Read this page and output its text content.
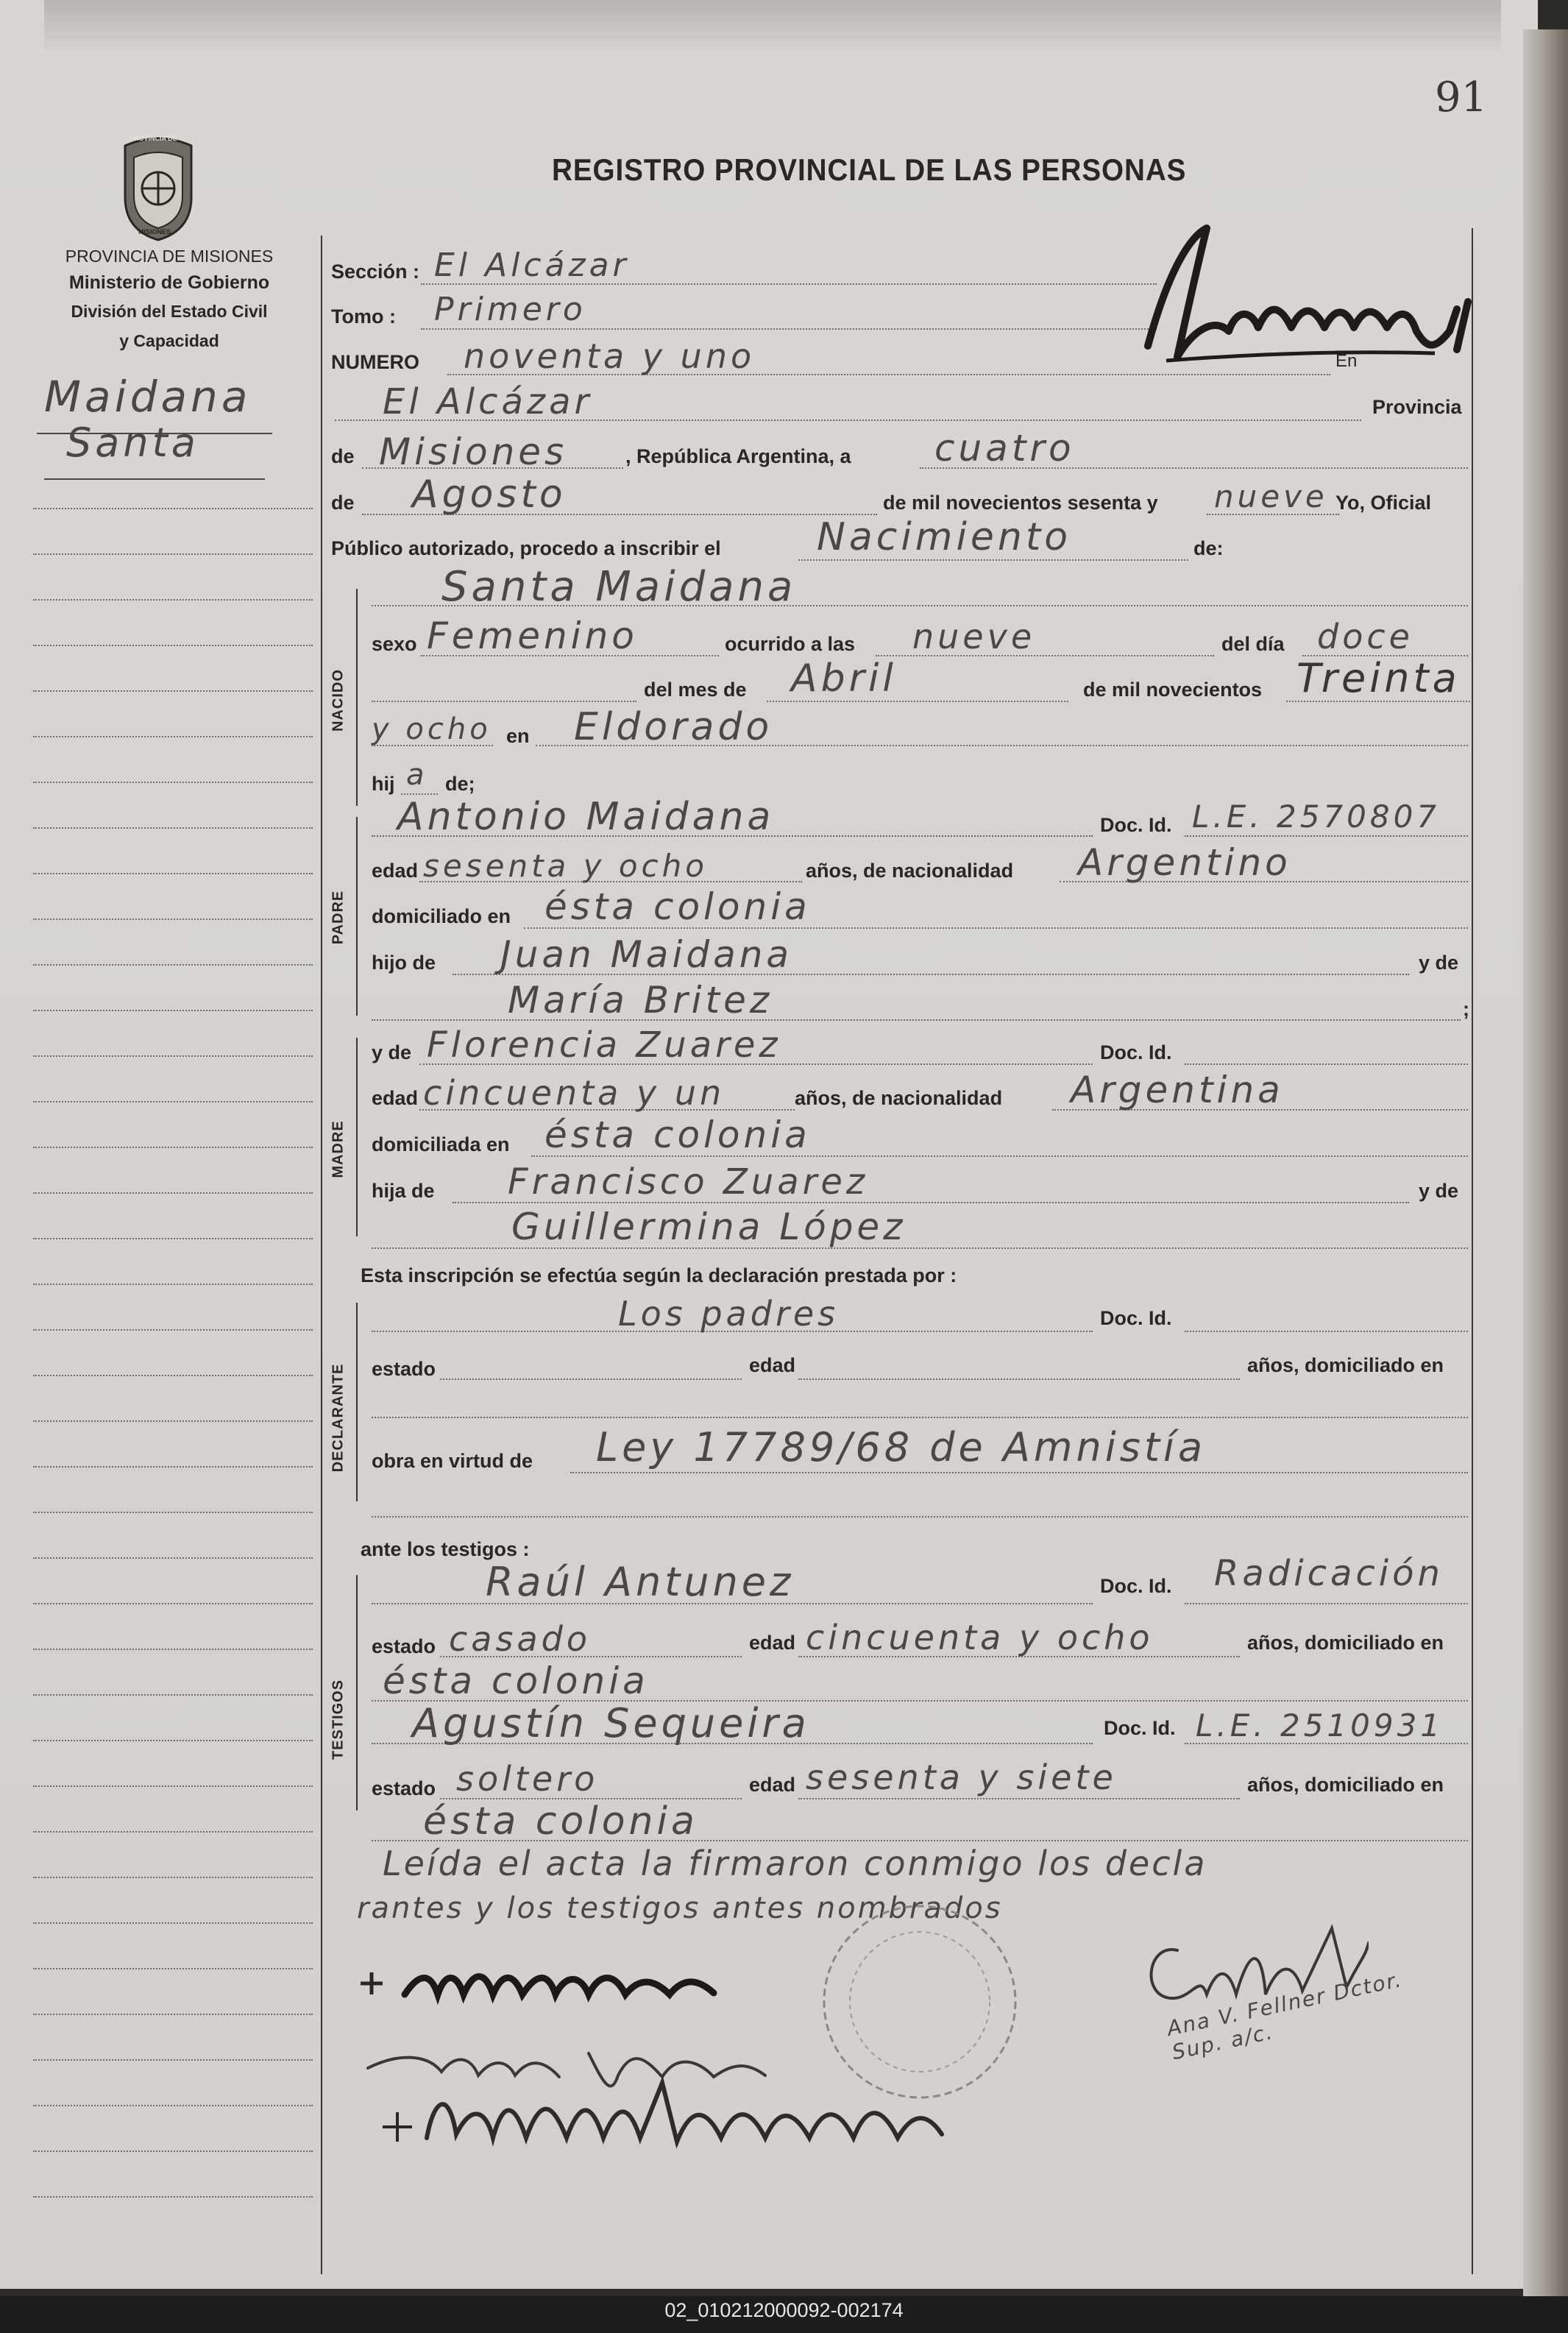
91
PROVINCIA DE
MISIONES
PROVINCIA DE MISIONES
Ministerio de Gobierno
División del Estado Civil
y Capacidad
REGISTRO PROVINCIAL DE LAS PERSONAS
Maidana
Santa
NACIDO
PADRE
MADRE
DECLARANTE
TESTIGOS
Sección : El Alcázar
Tomo : Primero
NUMERO noventa y uno	En
El Alcázar	Provincia
de Misiones	, República Argentina, a cuatro
de Agosto	de mil novecientos sesenta y nueve Yo, Oficial
Público autorizado, procedo a inscribir el	Nacimiento	de:
Santa Maidana
sexo Femenino	ocurrido a las nueve	del día doce
del mes de Abril	de mil novecientos Treinta
y ocho en Eldorado
hij a de;
Antonio Maidana	Doc. Id. L.E. 2570807
edad sesenta y ocho	años, de nacionalidad Argentino
domiciliado en ésta colonia
hijo de Juan Maidana	y de
María Britez	;
y de Florencia Zuarez	Doc. Id.
edad cincuenta y un	años, de nacionalidad Argentina
domiciliada en ésta colonia
hija de Francisco Zuarez	y de
Guillermina López
Esta inscripción se efectúa según la declaración prestada por :
Los padres	Doc. Id.
estado	edad	años, domiciliado en
obra en virtud de Ley 17789/68 de Amnistía
ante los testigos :
Raúl Antunez	Doc. Id. Radicación
estado casado	edad cincuenta y ocho	años, domiciliado en
ésta colonia
Agustín Sequeira	Doc. Id. L.E. 2510931
estado soltero	edad sesenta y siete	años, domiciliado en
ésta colonia
Leída el acta la firmaron conmigo los decla
rantes y los testigos antes nombrados
Ana V. Fellner Dctor. Sup. a/c.
02_010212000092-002174
